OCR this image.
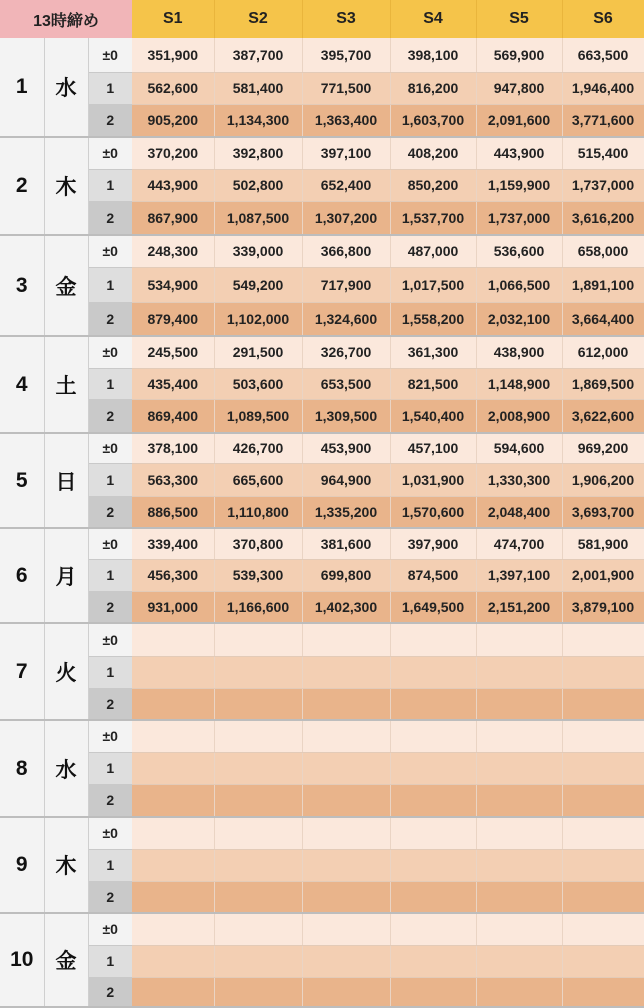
13時締め			S1	S2	S3	S4	S5	S6
1	水	±0	351,900	387,700	395,700	398,100	569,900	663,500
		1	562,600	581,400	771,500	816,200	947,800	1,946,400
		2	905,200	1,134,300	1,363,400	1,603,700	2,091,600	3,771,600
2	木	±0	370,200	392,800	397,100	408,200	443,900	515,400
		1	443,900	502,800	652,400	850,200	1,159,900	1,737,000
		2	867,900	1,087,500	1,307,200	1,537,700	1,737,000	3,616,200
3	金	±0	248,300	339,000	366,800	487,000	536,600	658,000
		1	534,900	549,200	717,900	1,017,500	1,066,500	1,891,100
		2	879,400	1,102,000	1,324,600	1,558,200	2,032,100	3,664,400
4	土	±0	245,500	291,500	326,700	361,300	438,900	612,000
		1	435,400	503,600	653,500	821,500	1,148,900	1,869,500
		2	869,400	1,089,500	1,309,500	1,540,400	2,008,900	3,622,600
5	日	±0	378,100	426,700	453,900	457,100	594,600	969,200
		1	563,300	665,600	964,900	1,031,900	1,330,300	1,906,200
		2	886,500	1,110,800	1,335,200	1,570,600	2,048,400	3,693,700
6	月	±0	339,400	370,800	381,600	397,900	474,700	581,900
		1	456,300	539,300	699,800	874,500	1,397,100	2,001,900
		2	931,000	1,166,600	1,402,300	1,649,500	2,151,200	3,879,100
7	火	±0						
		1						
		2						
8	水	±0						
		1						
		2						
9	木	±0						
		1						
		2						
10	金	±0						
		1						
		2						
